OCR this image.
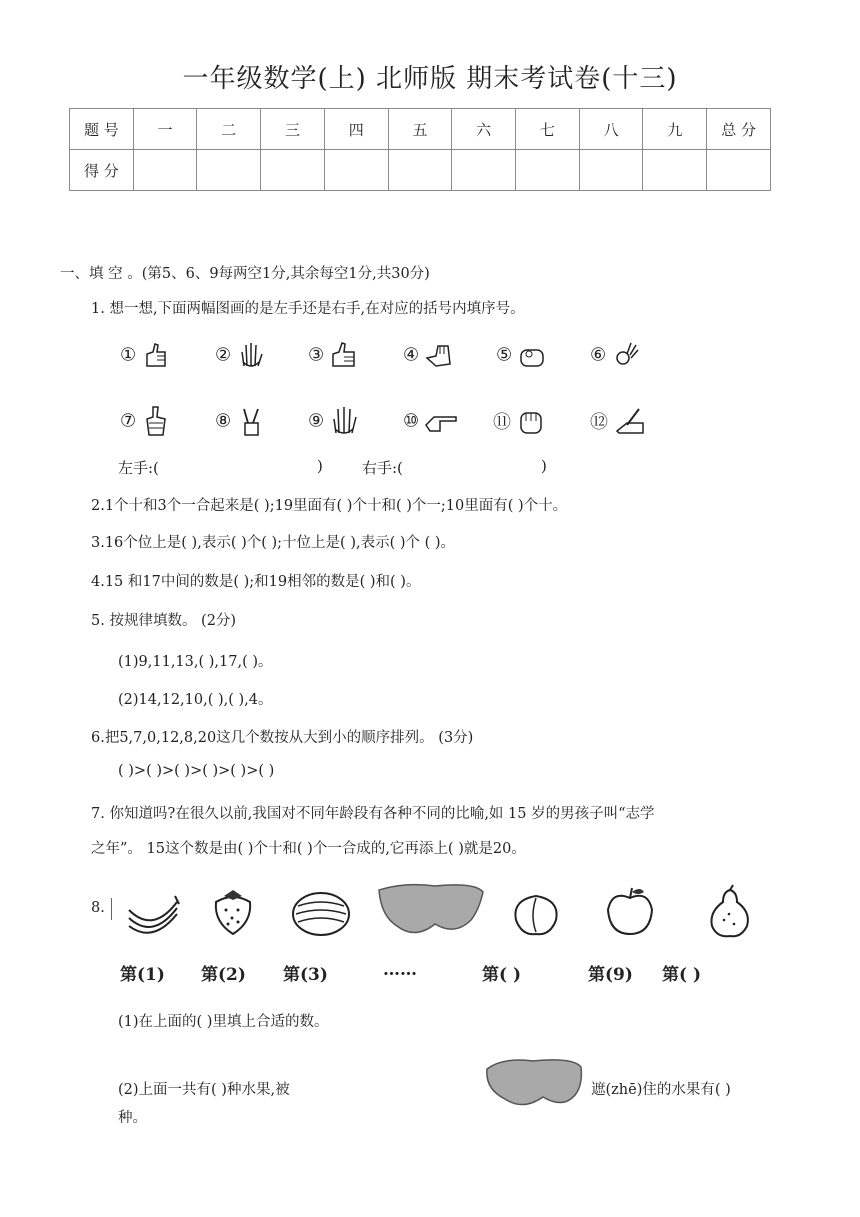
一年级数学(上) 北师版 期末考试卷(十三)
题 号	一	二	三	四	五	六	七	八	九	总 分
得 分										
一、填 空 。(第5、6、9每两空1分,其余每空1分,共30分)
1. 想一想,下面两幅图画的是左手还是右手,在对应的括号内填序号。
①	②	③	④	⑤	⑥
⑦	⑧	⑨	⑩	⑪	⑫
左手:(	)	右手:(	)
2.1个十和3个一合起来是( );19里面有( )个十和( )个一;10里面有( )个十。
3.16个位上是( ),表示( )个( );十位上是( ),表示( )个 ( )。
4.15 和17中间的数是( );和19相邻的数是( )和( )。
5. 按规律填数。 (2分)
(1)9,11,13,( ),17,( )。
(2)14,12,10,( ),( ),4。
6.把5,7,0,12,8,20这几个数按从大到小的顺序排列。 (3分)
( )>( )>( )>( )>( )>( )
7. 你知道吗?在很久以前,我国对不同年龄段有各种不同的比喻,如 15 岁的男孩子叫“志学
之年”。 15这个数是由( )个十和( )个一合成的,它再添上( )就是20。
8.
第(1) 第(2) 第(3)	……	第( )	第(9) 第( )
(1)在上面的( )里填上合适的数。
(2)上面一共有( )种水果,被	遮(zhē)住的水果有( )
种。
